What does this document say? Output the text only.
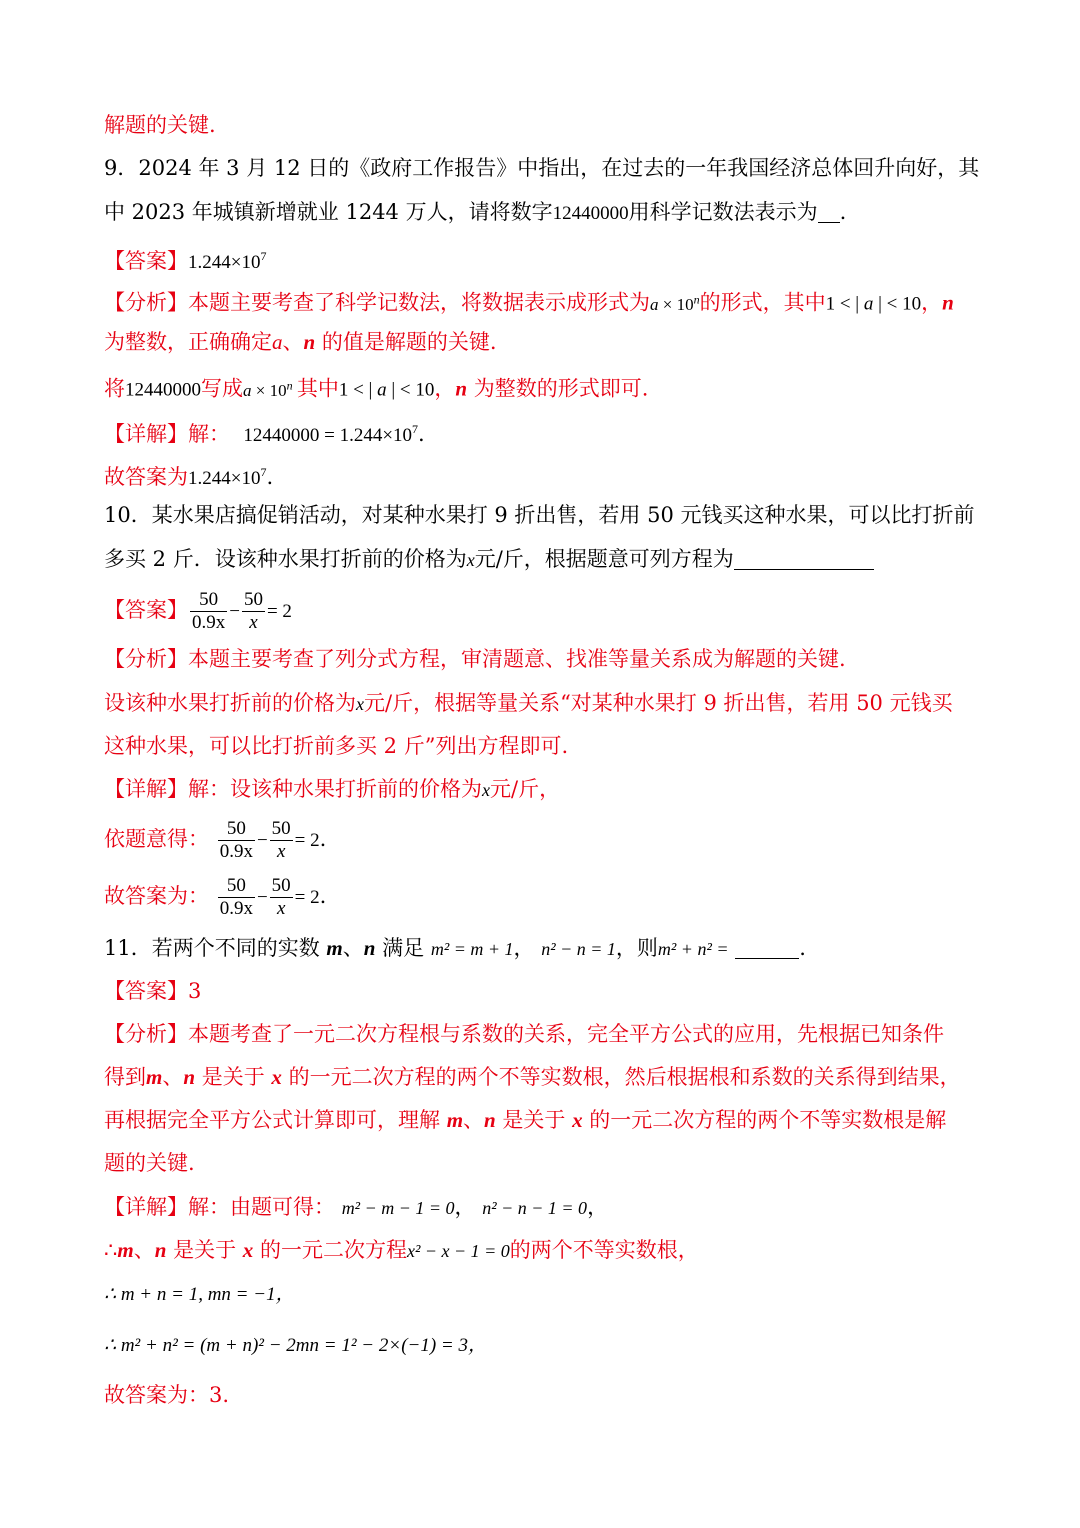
解题的关键.
9．2024 年 3 月 12 日的《政府工作报告》中指出，在过去的一年我国经济总体回升向好，其
中 2023 年城镇新增就业 1244 万人，请将数字12440000用科学记数法表示为 .
【答案】$1.244\times 10^7$
【分析】本题主要考查了科学记数法，将数据表示成形式为$a \times 10^n$的形式，其中1 < | a | < 10，n
为整数，正确确定a、n 的值是解题的关键.
将12440000写成$a \times 10^n$ 其中1 < | a | < 10，n 为整数的形式即可.
【详解】解： $12440000 = 1.244\times 10^7$.
故答案为$1.244\times 10^7$.
10．某水果店搞促销活动，对某种水果打 9 折出售，若用 50 元钱买这种水果，可以比打折前
多买 2 斤．设该种水果打折前的价格为x元/斤，根据题意可列方程为
【答案】 $\frac{50}{0.9x} - \frac{50}{x} = 2$
【分析】本题主要考查了列分式方程，审清题意、找准等量关系成为解题的关键.
设该种水果打折前的价格为x元/斤，根据等量关系“对某种水果打 9 折出售，若用 50 元钱买
这种水果，可以比打折前多买 2 斤”列出方程即可.
【详解】解：设该种水果打折前的价格为x元/斤，
依题意得： $\frac{50}{0.9x} - \frac{50}{x} = 2$.
故答案为： $\frac{50}{0.9x} - \frac{50}{x} = 2$.
11．若两个不同的实数 m、n 满足 m² = m + 1， n² − n = 1，则m² + n² =	.
【答案】3
【分析】本题考查了一元二次方程根与系数的关系，完全平方公式的应用，先根据已知条件
得到m、n 是关于 x 的一元二次方程的两个不等实数根，然后根据根和系数的关系得到结果，
再根据完全平方公式计算即可，理解 m、n 是关于 x 的一元二次方程的两个不等实数根是解
题的关键.
【详解】解：由题可得： m² − m − 1 = 0， n² − n − 1 = 0，
∴m、n 是关于 x 的一元二次方程x² − x − 1 = 0的两个不等实数根，
∴ m + n = 1, mn = −1，
∴ m² + n² = (m + n)² − 2mn = 1² − 2×(−1) = 3，
故答案为：3.
